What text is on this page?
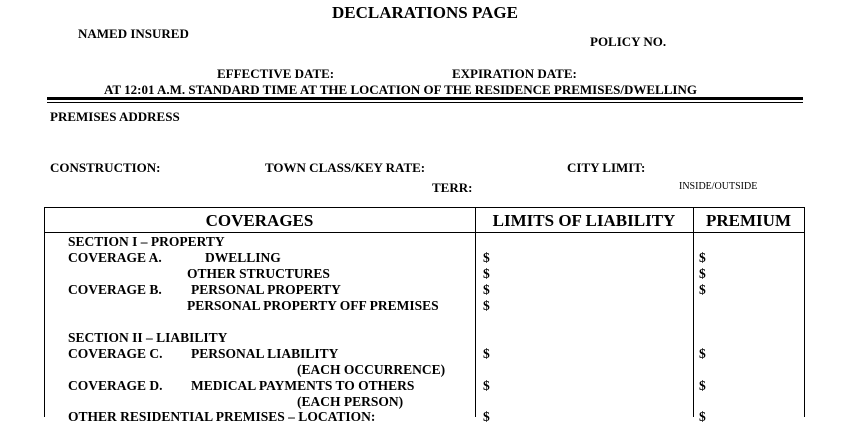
DECLARATIONS PAGE
NAMED INSURED
POLICY NO.
EFFECTIVE DATE:	EXPIRATION DATE:
AT 12:01 A.M. STANDARD TIME AT THE LOCATION OF THE RESIDENCE PREMISES/DWELLING
PREMISES ADDRESS
CONSTRUCTION:	TOWN CLASS/KEY RATE:	CITY LIMIT:
TERR:	INSIDE/OUTSIDE
COVERAGES	LIMITS OF LIABILITY	PREMIUM
SECTION I – PROPERTY
COVERAGE A.	DWELLING	$	$
OTHER STRUCTURES	$	$
COVERAGE B. PERSONAL PROPERTY	$	$
PERSONAL PROPERTY OFF PREMISES	$
SECTION II – LIABILITY
COVERAGE C. PERSONAL LIABILITY	$	$
(EACH OCCURRENCE)
COVERAGE D. MEDICAL PAYMENTS TO OTHERS	$	$
(EACH PERSON)
OTHER RESIDENTIAL PREMISES – LOCATION:	$	$
